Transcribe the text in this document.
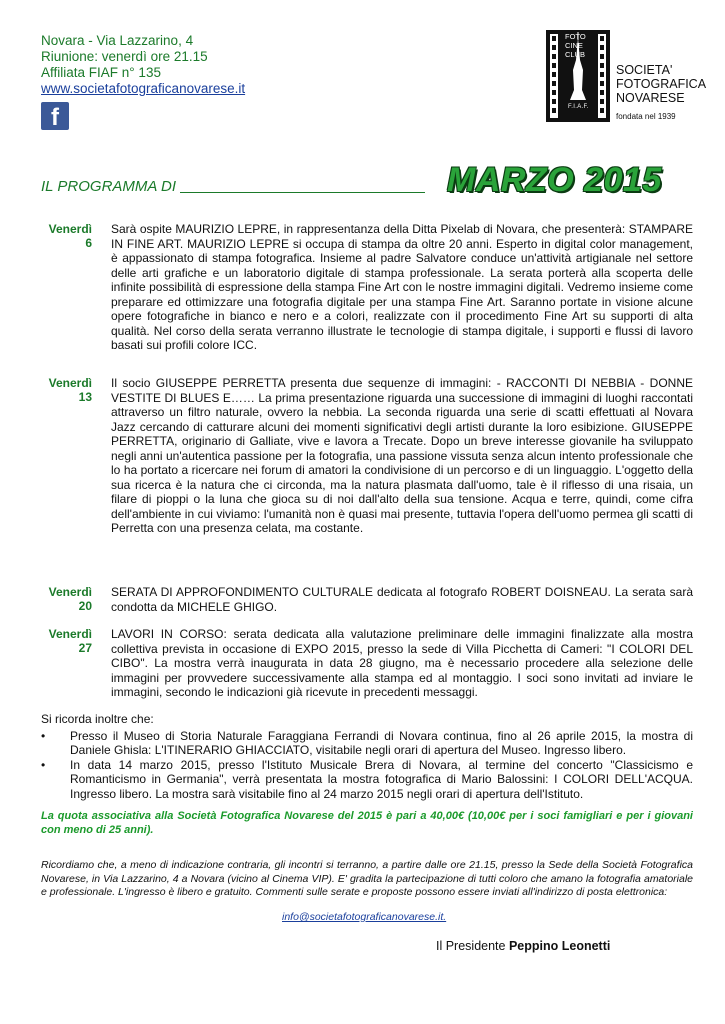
Novara - Via Lazzarino, 4
Riunione: venerdì ore 21.15
Affiliata FIAF n° 135
www.societafotograficanovarese.it
f
FOTO
CINE
CLUB
F.I.A.F.
SOCIETA'
FOTOGRAFICA
NOVARESE
fondata nel 1939
IL PROGRAMMA DI	MARZO 2015
Venerdì
6
Sarà ospite MAURIZIO LEPRE, in rappresentanza della Ditta Pixelab di Novara, che presenterà: STAMPARE IN FINE ART. MAURIZIO LEPRE si occupa di stampa da oltre 20 anni. Esperto in digital color management, è appassionato di stampa fotografica. Insieme al padre Salvatore conduce un'attività artigianale nel settore delle arti grafiche e un laboratorio digitale di stampa professionale. La serata porterà alla scoperta delle infinite possibilità di espressione della stampa Fine Art con le nostre immagini digitali. Vedremo insieme come preparare ed ottimizzare una fotografia digitale per una stampa Fine Art. Saranno portate in visione alcune opere fotografiche in bianco e nero e a colori, realizzate con il procedimento Fine Art su supporti di alta qualità. Nel corso della serata verranno illustrate le tecnologie di stampa digitale, i supporti e flussi di lavoro basati sui profili colore ICC.
Venerdì
13
Il socio GIUSEPPE PERRETTA presenta due sequenze di immagini: - RACCONTI DI NEBBIA - DONNE VESTITE DI BLUES E…… La prima presentazione riguarda una successione di immagini di luoghi raccontati attraverso un filtro naturale, ovvero la nebbia. La seconda riguarda una serie di scatti effettuati al Novara Jazz cercando di catturare alcuni dei momenti significativi degli artisti durante la loro esibizione. GIUSEPPE PERRETTA, originario di Galliate, vive e lavora a Trecate. Dopo un breve interesse giovanile ha sviluppato negli anni un'autentica passione per la fotografia, una passione vissuta senza alcun intento professionale che lo ha portato a ricercare nei forum di amatori la condivisione di un percorso e di un linguaggio. L'oggetto della sua ricerca è la natura che ci circonda, ma la natura plasmata dall'uomo, tale è il riflesso di una risaia, un filare di pioppi o la luna che gioca su di noi dall'alto della sua tensione. Acqua e terre, quindi, come cifra dell'ambiente in cui viviamo: l'umanità non è quasi mai presente, tuttavia l'opera dell'uomo permea gli scatti di Perretta con una presenza celata, ma costante.
Venerdì
20
SERATA DI APPROFONDIMENTO CULTURALE dedicata al fotografo ROBERT DOISNEAU. La serata sarà condotta da MICHELE GHIGO.
Venerdì
27
LAVORI IN CORSO: serata dedicata alla valutazione preliminare delle immagini finalizzate alla mostra collettiva prevista in occasione di EXPO 2015, presso la sede di Villa Picchetta di Cameri: "I COLORI DEL CIBO". La mostra verrà inaugurata in data 28 giugno, ma è necessario procedere alla selezione delle immagini per provvedere successivamente alla stampa ed al montaggio. I soci sono invitati ad inviare le immagini, secondo le indicazioni già ricevute in precedenti messaggi.
Si ricorda inoltre che:
• Presso il Museo di Storia Naturale Faraggiana Ferrandi di Novara continua, fino al 26 aprile 2015, la mostra di Daniele Ghisla: L'ITINERARIO GHIACCIATO, visitabile negli orari di apertura del Museo. Ingresso libero.
• In data 14 marzo 2015, presso l'Istituto Musicale Brera di Novara, al termine del concerto "Classicismo e Romanticismo in Germania", verrà presentata la mostra fotografica di Mario Balossini: I COLORI DELL'ACQUA. Ingresso libero. La mostra sarà visitabile fino al 24 marzo 2015 negli orari di apertura dell'Istituto.
La quota associativa alla Società Fotografica Novarese del 2015 è pari a 40,00€ (10,00€ per i soci famigliari e per i giovani con meno di 25 anni).
Ricordiamo che, a meno di indicazione contraria, gli incontri si terranno, a partire dalle ore 21.15, presso la Sede della Società Fotografica Novarese, in Via Lazzarino, 4 a Novara (vicino al Cinema VIP). E' gradita la partecipazione di tutti coloro che amano la fotografia amatoriale e professionale. L'ingresso è libero e gratuito. Commenti sulle serate e proposte possono essere inviati all'indirizzo di posta elettronica:
info@societafotograficanovarese.it.
Il Presidente Peppino Leonetti
